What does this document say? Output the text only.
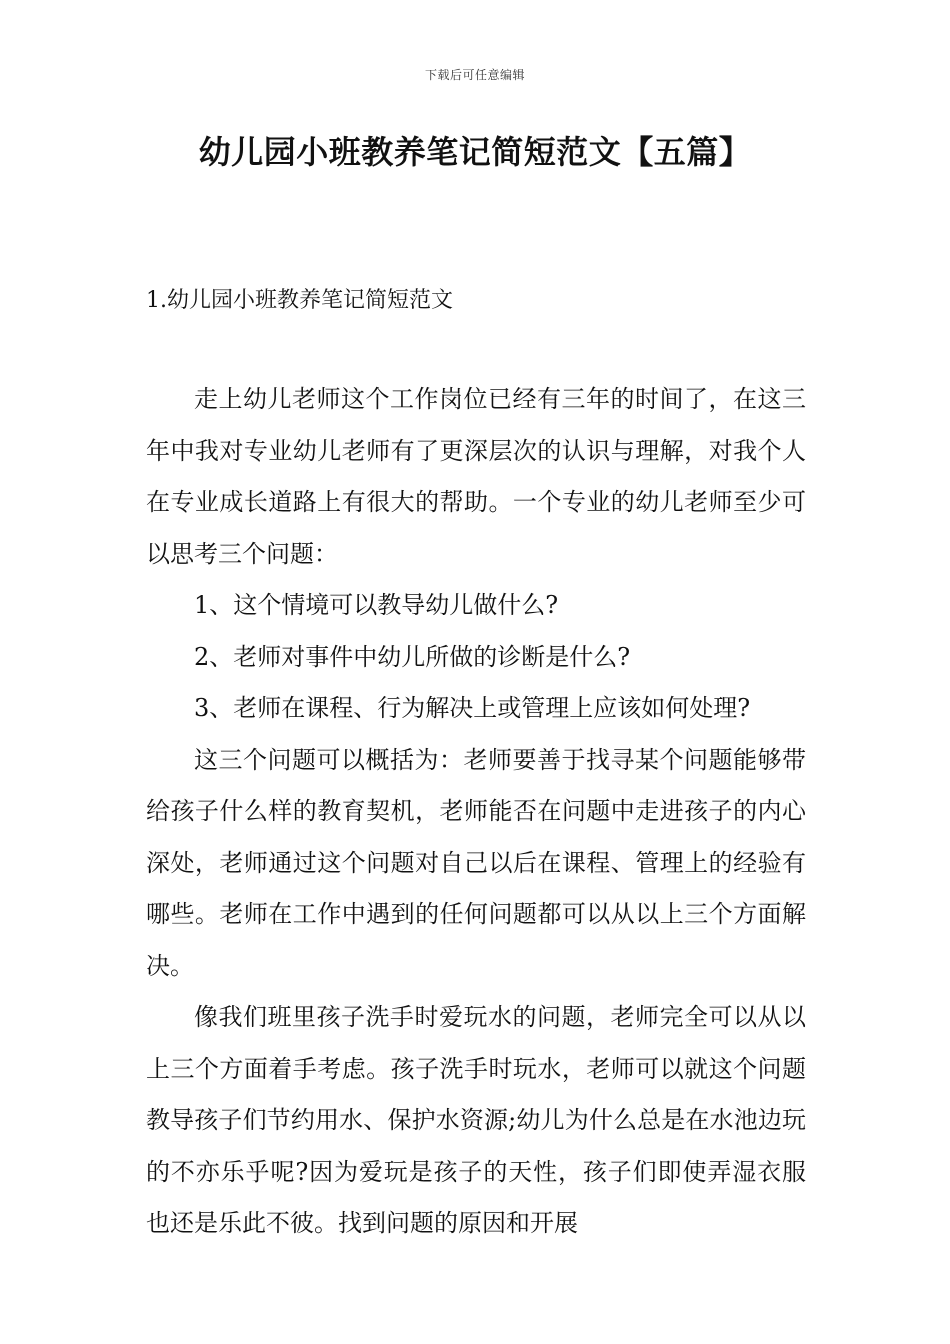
下载后可任意编辑
幼儿园小班教养笔记简短范文【五篇】
1.幼儿园小班教养笔记简短范文

走上幼儿老师这个工作岗位已经有三年的时间了，在这三年中我对专业幼儿老师有了更深层次的认识与理解，对我个人在专业成长道路上有很大的帮助。一个专业的幼儿老师至少可以思考三个问题：

1、这个情境可以教导幼儿做什么?

2、老师对事件中幼儿所做的诊断是什么?

3、老师在课程、行为解决上或管理上应该如何处理?

这三个问题可以概括为：老师要善于找寻某个问题能够带给孩子什么样的教育契机，老师能否在问题中走进孩子的内心深处，老师通过这个问题对自己以后在课程、管理上的经验有哪些。老师在工作中遇到的任何问题都可以从以上三个方面解决。

像我们班里孩子洗手时爱玩水的问题，老师完全可以从以上三个方面着手考虑。孩子洗手时玩水，老师可以就这个问题教导孩子们节约用水、保护水资源;幼儿为什么总是在水池边玩的不亦乐乎呢?因为爱玩是孩子的天性，孩子们即使弄湿衣服也还是乐此不彼。找到问题的原因和开展
